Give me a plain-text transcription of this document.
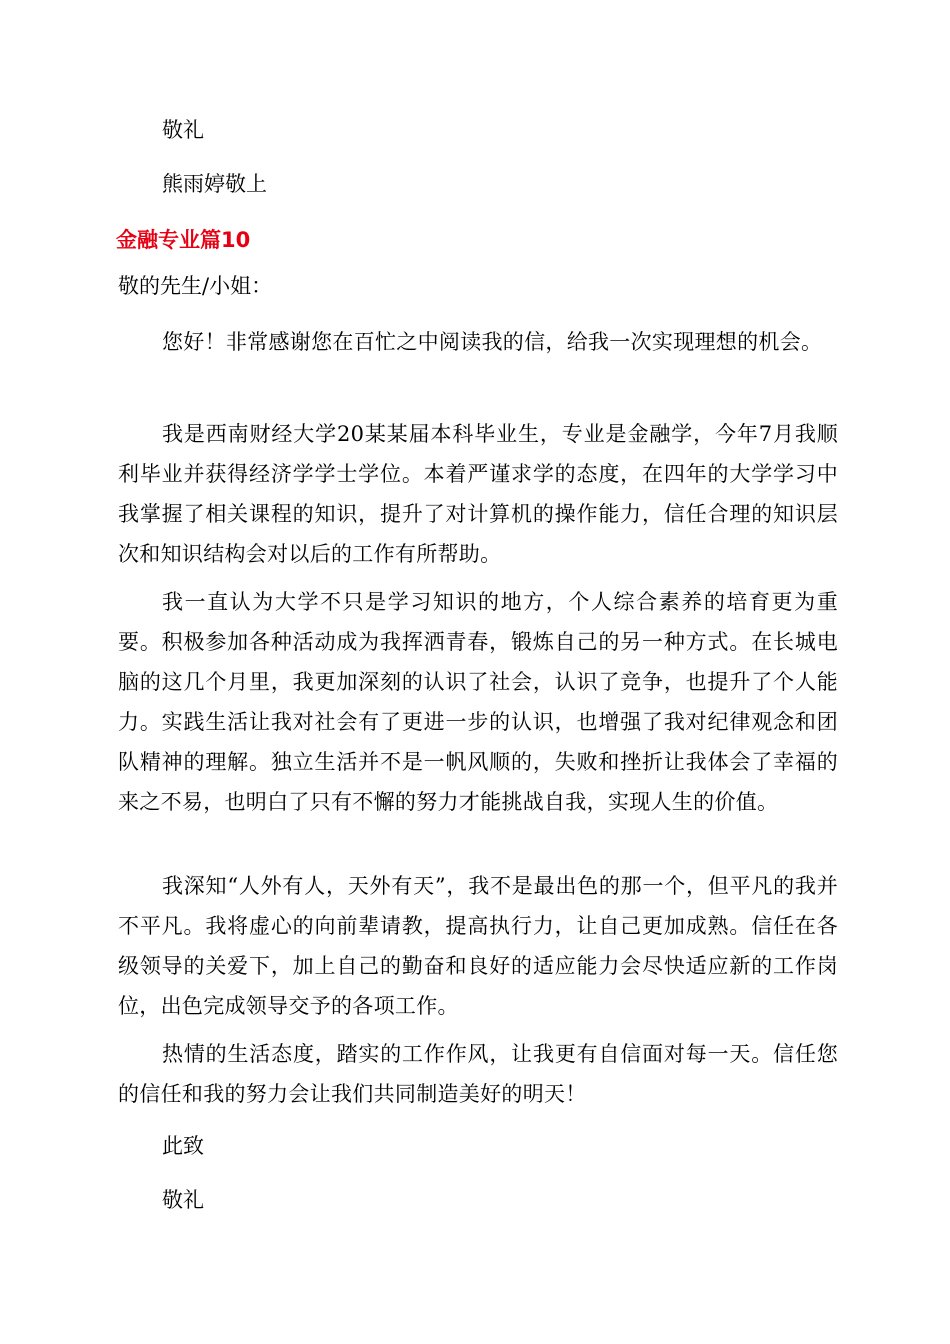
敬礼
熊雨婷敬上
金融专业篇10
敬的先生/小姐：
您好！非常感谢您在百忙之中阅读我的信，给我一次实现理想的机会。
我是西南财经大学20某某届本科毕业生，专业是金融学，今年7月我顺利毕业并获得经济学学士学位。本着严谨求学的态度，在四年的大学学习中我掌握了相关课程的知识，提升了对计算机的操作能力，信任合理的知识层次和知识结构会对以后的工作有所帮助。
我一直认为大学不只是学习知识的地方，个人综合素养的培育更为重要。积极参加各种活动成为我挥洒青春，锻炼自己的另一种方式。在长城电脑的这几个月里，我更加深刻的认识了社会，认识了竞争，也提升了个人能力。实践生活让我对社会有了更进一步的认识，也增强了我对纪律观念和团队精神的理解。独立生活并不是一帆风顺的，失败和挫折让我体会了幸福的来之不易，也明白了只有不懈的努力才能挑战自我，实现人生的价值。
我深知“人外有人，天外有天”，我不是最出色的那一个，但平凡的我并不平凡。我将虚心的向前辈请教，提高执行力，让自己更加成熟。信任在各级领导的关爱下，加上自己的勤奋和良好的适应能力会尽快适应新的工作岗位，出色完成领导交予的各项工作。
热情的生活态度，踏实的工作作风，让我更有自信面对每一天。信任您的信任和我的努力会让我们共同制造美好的明天！
此致
敬礼
